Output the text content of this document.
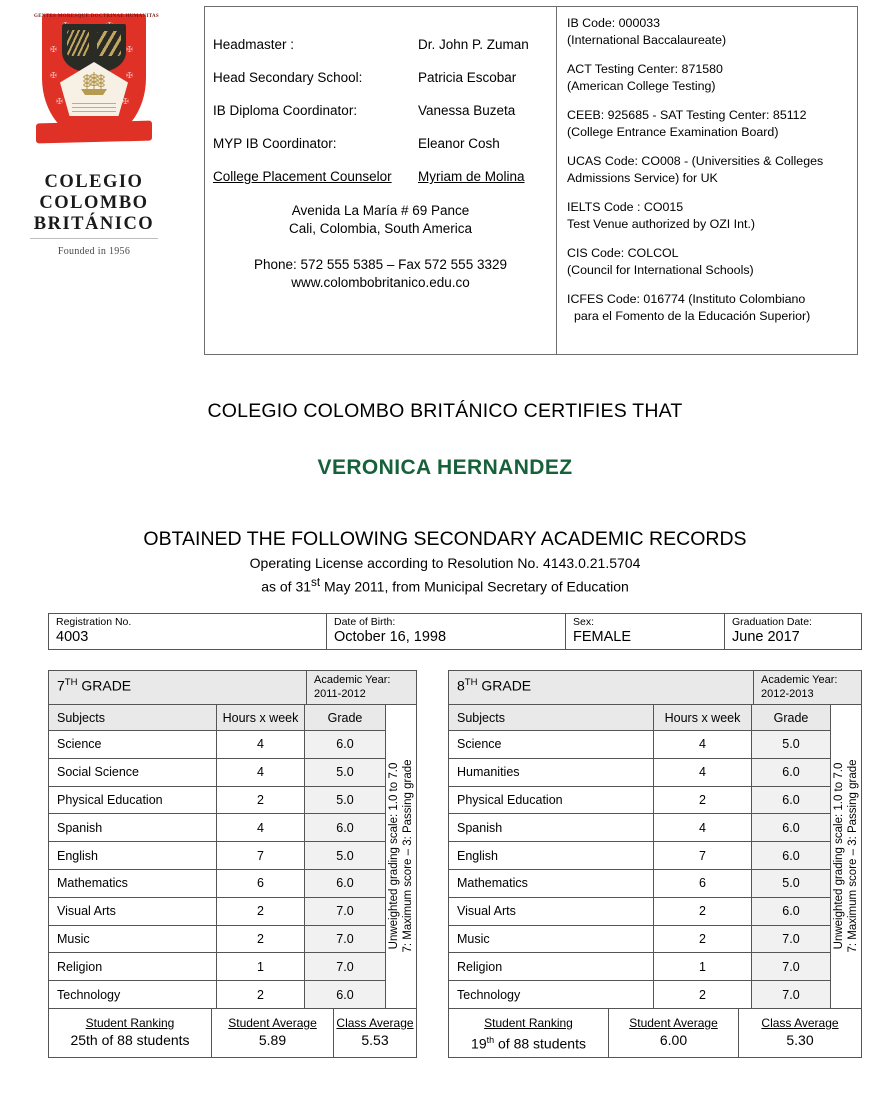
✠	✠
✠	✠
✠	✠
GENTES MORESQUE DOCTRINAE HUMANITAS
COLEGIO
COLOMBO
BRITÁNICO
Founded in 1956
Headmaster :	Dr. John P. Zuman
Head Secondary School:	Patricia Escobar
IB Diploma Coordinator:	Vanessa Buzeta
MYP IB Coordinator:	Eleanor Cosh
College Placement Counselor	Myriam de Molina
Avenida La María # 69 Pance
Cali, Colombia, South America
Phone: 572 555 5385 – Fax 572 555 3329
www.colombobritanico.edu.co
IB Code: 000033
(International Baccalaureate)
ACT Testing Center: 871580
(American College Testing)
CEEB: 925685 - SAT Testing Center: 85112
(College Entrance Examination Board)
UCAS Code: CO008 - (Universities & Colleges
Admissions Service) for UK
IELTS Code : CO015
Test Venue authorized by OZI Int.)
CIS Code: COLCOL
(Council for International Schools)
ICFES Code: 016774 (Instituto Colombiano
para el Fomento de la Educación Superior)
COLEGIO COLOMBO BRITÁNICO CERTIFIES THAT
VERONICA HERNANDEZ
OBTAINED THE FOLLOWING SECONDARY ACADEMIC RECORDS
Operating License according to Resolution No. 4143.0.21.5704
as of 31st May 2011, from Municipal Secretary of Education
Registration No.
4003
Date of Birth:
October 16, 1998
Sex:
FEMALE
Graduation Date:
June 2017
7TH GRADE	Academic Year:
2011-2012
Subjects	Hours x week	Grade
Science	4	6.0
Social Science	4	5.0
Physical Education	2	5.0
Spanish	4	6.0
English	7	5.0
Mathematics	6	6.0
Visual Arts	2	7.0
Music	2	7.0
Religion	1	7.0
Technology	2	6.0
Unweighted grading scale: 1.0 to 7.0 7: Maximum score – 3: Passing grade
Student Ranking
25th of 88 students
Student Average
5.89
Class Average
5.53
8TH GRADE	Academic Year:
2012-2013
Subjects	Hours x week	Grade
Science	4	5.0
Humanities	4	6.0
Physical Education	2	6.0
Spanish	4	6.0
English	7	6.0
Mathematics	6	5.0
Visual Arts	2	6.0
Music	2	7.0
Religion	1	7.0
Technology	2	7.0
Unweighted grading scale: 1.0 to 7.0 7: Maximum score – 3: Passing grade
Student Ranking
19th of 88 students
Student Average
6.00
Class Average
5.30
